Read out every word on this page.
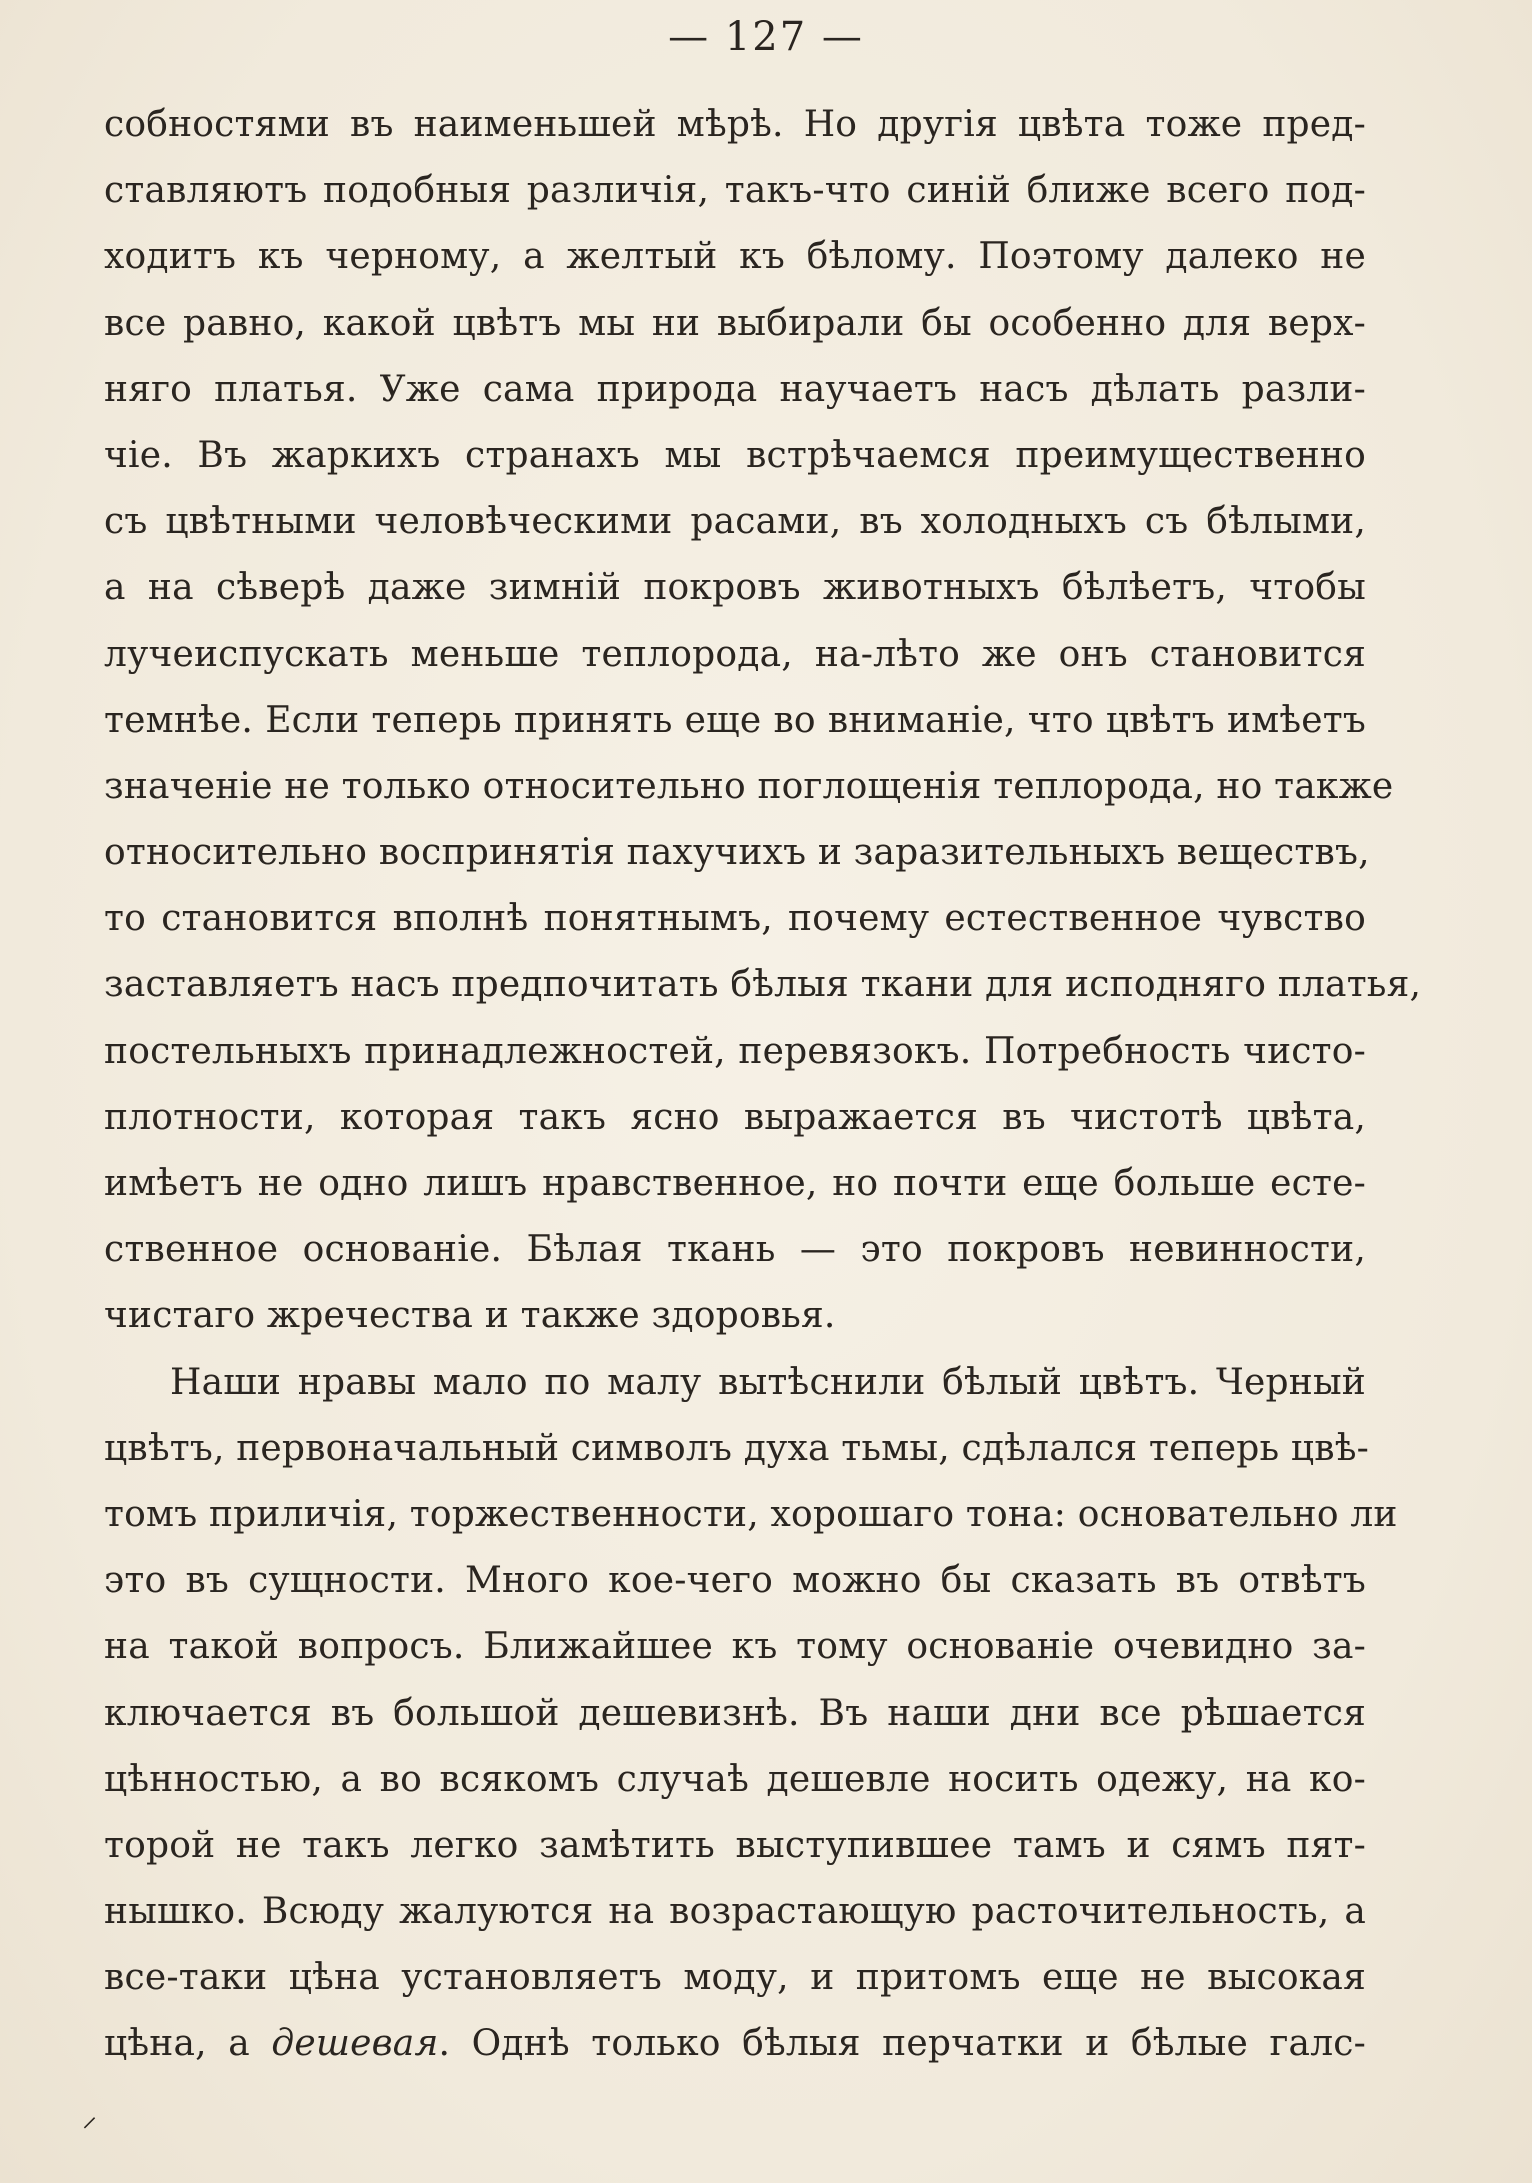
— 127 —
собностями въ наименьшей мѣрѣ. Но другія цвѣта тоже пред-
ставляютъ подобныя различія, такъ-что синій ближе всего под-
ходитъ къ черному, а желтый къ бѣлому. Поэтому далеко не
все равно, какой цвѣтъ мы ни выбирали бы особенно для верх-
няго платья. Уже сама природа научаетъ насъ дѣлать разли-
чіе. Въ жаркихъ странахъ мы встрѣчаемся преимущественно
съ цвѣтными человѣческими расами, въ холодныхъ съ бѣлыми,
а на сѣверѣ даже зимній покровъ животныхъ бѣлѣетъ, чтобы
лучеиспускать меньше теплорода, на-лѣто же онъ становится
темнѣе. Если теперь принять еще во вниманіе, что цвѣтъ имѣетъ
значеніе не только относительно поглощенія теплорода, но также
относительно воспринятія пахучихъ и заразительныхъ веществъ,
то становится вполнѣ понятнымъ, почему естественное чувство
заставляетъ насъ предпочитать бѣлыя ткани для исподняго платья,
постельныхъ принадлежностей, перевязокъ. Потребность чисто-
плотности, которая такъ ясно выражается въ чистотѣ цвѣта,
имѣетъ не одно лишъ нравственное, но почти еще больше есте-
ственное основаніе. Бѣлая ткань — это покровъ невинности,
чистаго жречества и также здоровья.
Наши нравы мало по малу вытѣснили бѣлый цвѣтъ. Черный
цвѣтъ, первоначальный символъ духа тьмы, сдѣлался теперь цвѣ-
томъ приличія, торжественности, хорошаго тона: основательно ли
это въ сущности. Много кое-чего можно бы сказать въ отвѣтъ
на такой вопросъ. Ближайшее къ тому основаніе очевидно за-
ключается въ большой дешевизнѣ. Въ наши дни все рѣшается
цѣнностью, а во всякомъ случаѣ дешевле носить одежу, на ко-
торой не такъ легко замѣтить выступившее тамъ и сямъ пят-
нышко. Всюду жалуются на возрастающую расточительность, а
все-таки цѣна установляетъ моду, и притомъ еще не высокая
цѣна, а дешевая. Однѣ только бѣлыя перчатки и бѣлые галс-
⸝
